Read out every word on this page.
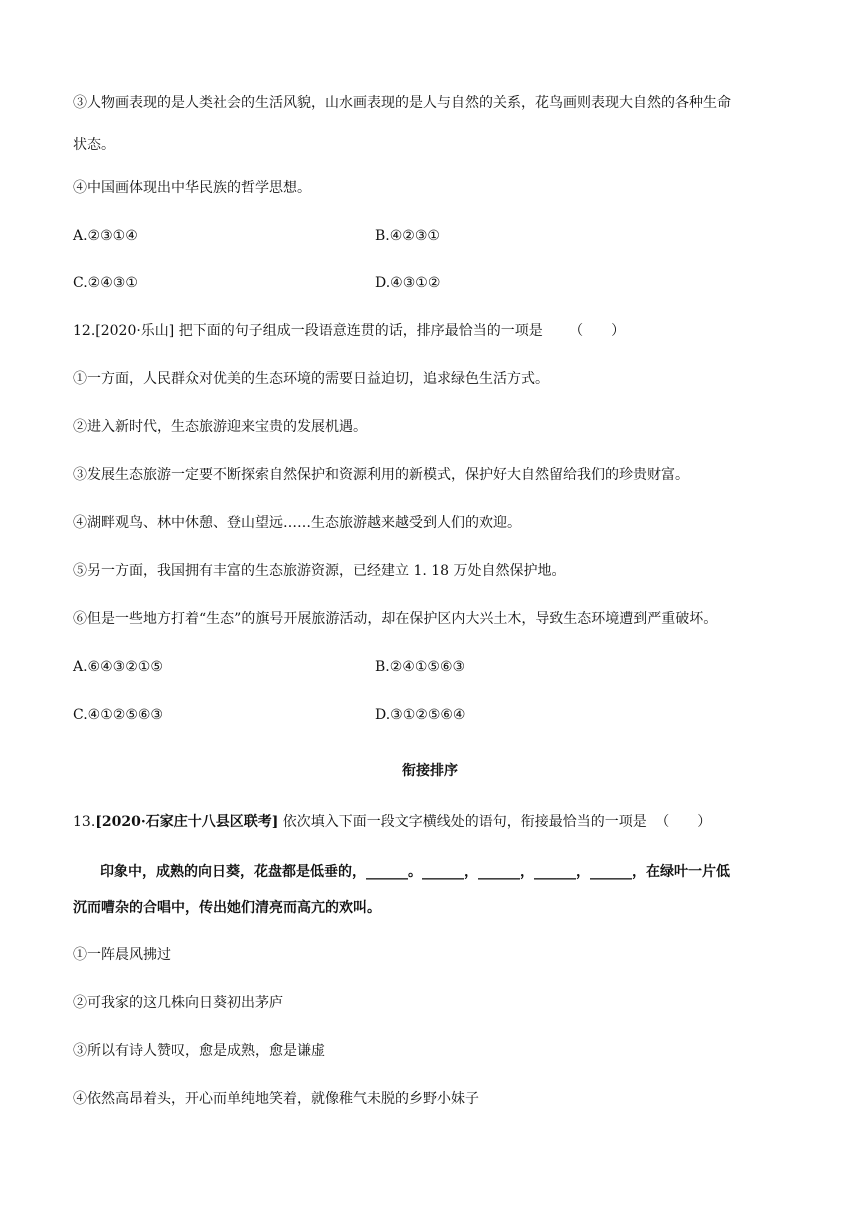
③人物画表现的是人类社会的生活风貌，山水画表现的是人与自然的关系，花鸟画则表现大自然的各种生命
状态。
④中国画体现出中华民族的哲学思想。
A.②③①④	B.④②③①
C.②④③①	D.④③①②
12.[2020·乐山] 把下面的句子组成一段语意连贯的话，排序最恰当的一项是 （　　）
①一方面，人民群众对优美的生态环境的需要日益迫切，追求绿色生活方式。
②进入新时代，生态旅游迎来宝贵的发展机遇。
③发展生态旅游一定要不断探索自然保护和资源利用的新模式，保护好大自然留给我们的珍贵财富。
④湖畔观鸟、林中休憩、登山望远……生态旅游越来越受到人们的欢迎。
⑤另一方面，我国拥有丰富的生态旅游资源，已经建立 1. 18 万处自然保护地。
⑥但是一些地方打着“生态”的旗号开展旅游活动，却在保护区内大兴土木，导致生态环境遭到严重破坏。
A.⑥④③②①⑤	B.②④①⑤⑥③
C.④①②⑤⑥③	D.③①②⑤⑥④
衔接排序
13.[2020·石家庄十八县区联考] 依次填入下面一段文字横线处的语句，衔接最恰当的一项是 （　　）
印象中，成熟的向日葵，花盘都是低垂的，______。______，______，______，______，在绿叶一片低
沉而嘈杂的合唱中，传出她们清亮而高亢的欢叫。
①一阵晨风拂过
②可我家的这几株向日葵初出茅庐
③所以有诗人赞叹，愈是成熟，愈是谦虚
④依然高昂着头，开心而单纯地笑着，就像稚气未脱的乡野小妹子
